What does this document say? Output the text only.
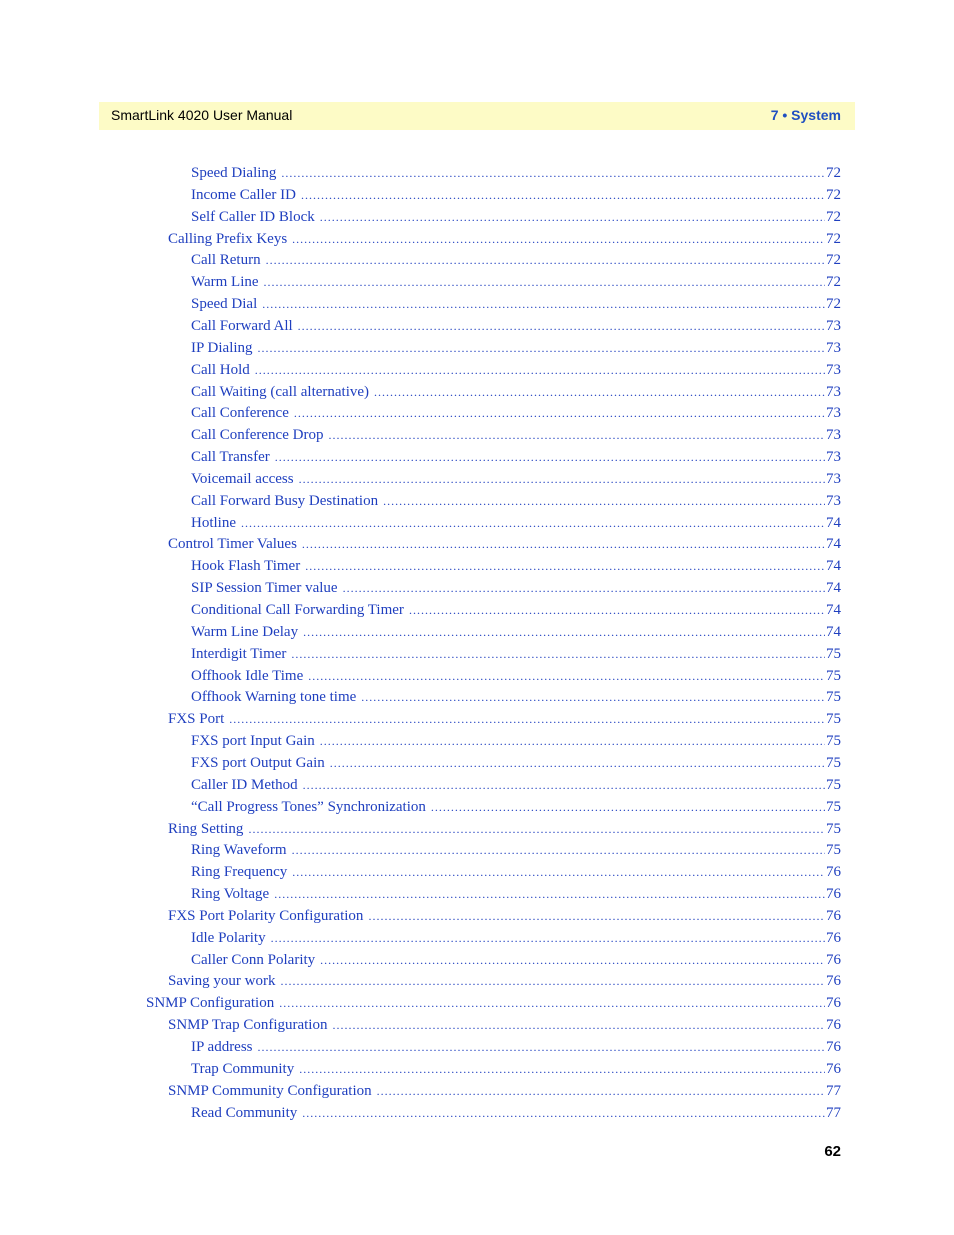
SmartLink 4020 User Manual	7 • System
Speed Dialing .....	72
Income Caller ID .....	72
Self Caller ID Block .....	72
Calling Prefix Keys .....	72
Call Return .....	72
Warm Line .....	72
Speed Dial .....	72
Call Forward All .....	73
IP Dialing .....	73
Call Hold .....	73
Call Waiting (call alternative) .....	73
Call Conference .....	73
Call Conference Drop .....	73
Call Transfer .....	73
Voicemail access .....	73
Call Forward Busy Destination .....	73
Hotline .....	74
Control Timer Values .....	74
Hook Flash Timer .....	74
SIP Session Timer value .....	74
Conditional Call Forwarding Timer .....	74
Warm Line Delay .....	74
Interdigit Timer .....	75
Offhook Idle Time .....	75
Offhook Warning tone time .....	75
FXS Port .....	75
FXS port Input Gain .....	75
FXS port Output Gain .....	75
Caller ID Method .....	75
“Call Progress Tones” Synchronization .....	75
Ring Setting .....	75
Ring Waveform .....	75
Ring Frequency .....	76
Ring Voltage .....	76
FXS Port Polarity Configuration .....	76
Idle Polarity .....	76
Caller Conn Polarity .....	76
Saving your work .....	76
SNMP Configuration .....	76
SNMP Trap Configuration .....	76
IP address .....	76
Trap Community .....	76
SNMP Community Configuration .....	77
Read Community .....	77
62
